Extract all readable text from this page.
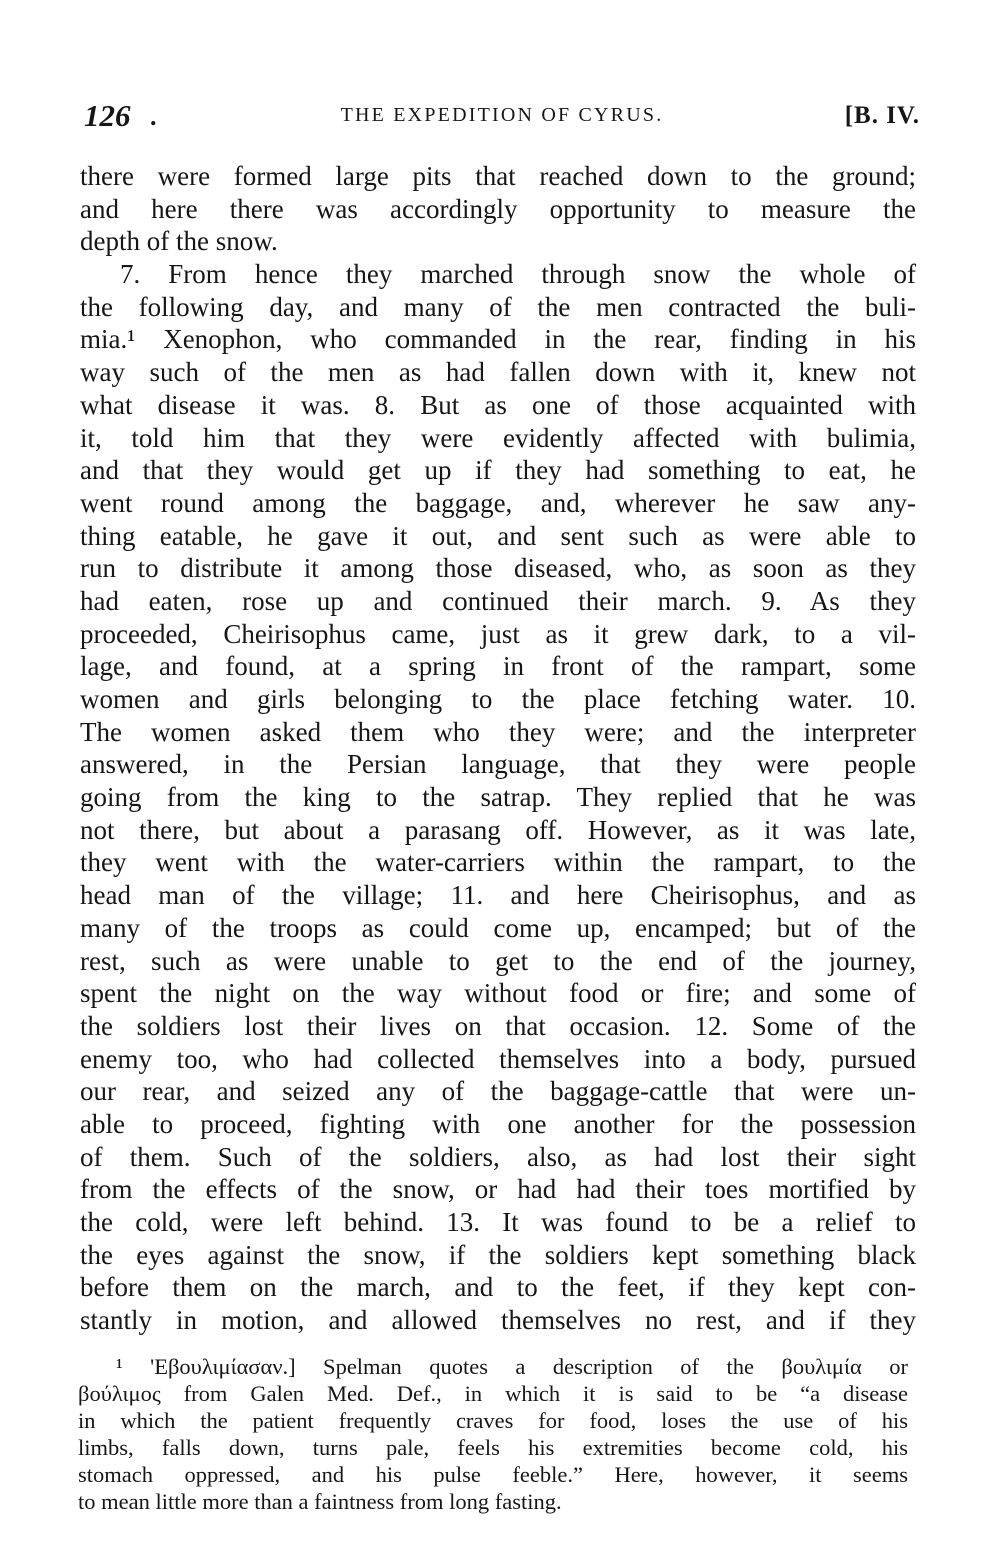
126 .	THE EXPEDITION OF CYRUS.	[B. IV.
there were formed large pits that reached down to the ground;
and here there was accordingly opportunity to measure the
depth of the snow.
7. From hence they marched through snow the whole of
the following day, and many of the men contracted the buli-
mia.¹ Xenophon, who commanded in the rear, finding in his
way such of the men as had fallen down with it, knew not
what disease it was. 8. But as one of those acquainted with
it, told him that they were evidently affected with bulimia,
and that they would get up if they had something to eat, he
went round among the baggage, and, wherever he saw any-
thing eatable, he gave it out, and sent such as were able to
run to distribute it among those diseased, who, as soon as they
had eaten, rose up and continued their march. 9. As they
proceeded, Cheirisophus came, just as it grew dark, to a vil-
lage, and found, at a spring in front of the rampart, some
women and girls belonging to the place fetching water. 10.
The women asked them who they were; and the interpreter
answered, in the Persian language, that they were people
going from the king to the satrap. They replied that he was
not there, but about a parasang off. However, as it was late,
they went with the water-carriers within the rampart, to the
head man of the village; 11. and here Cheirisophus, and as
many of the troops as could come up, encamped; but of the
rest, such as were unable to get to the end of the journey,
spent the night on the way without food or fire; and some of
the soldiers lost their lives on that occasion. 12. Some of the
enemy too, who had collected themselves into a body, pursued
our rear, and seized any of the baggage-cattle that were un-
able to proceed, fighting with one another for the possession
of them. Such of the soldiers, also, as had lost their sight
from the effects of the snow, or had had their toes mortified by
the cold, were left behind. 13. It was found to be a relief to
the eyes against the snow, if the soldiers kept something black
before them on the march, and to the feet, if they kept con-
stantly in motion, and allowed themselves no rest, and if they
¹ 'Εβουλιμίασαν.] Spelman quotes a description of the βουλιμία or
βούλιμος from Galen Med. Def., in which it is said to be “a disease
in which the patient frequently craves for food, loses the use of his
limbs, falls down, turns pale, feels his extremities become cold, his
stomach oppressed, and his pulse feeble.” Here, however, it seems
to mean little more than a faintness from long fasting.
